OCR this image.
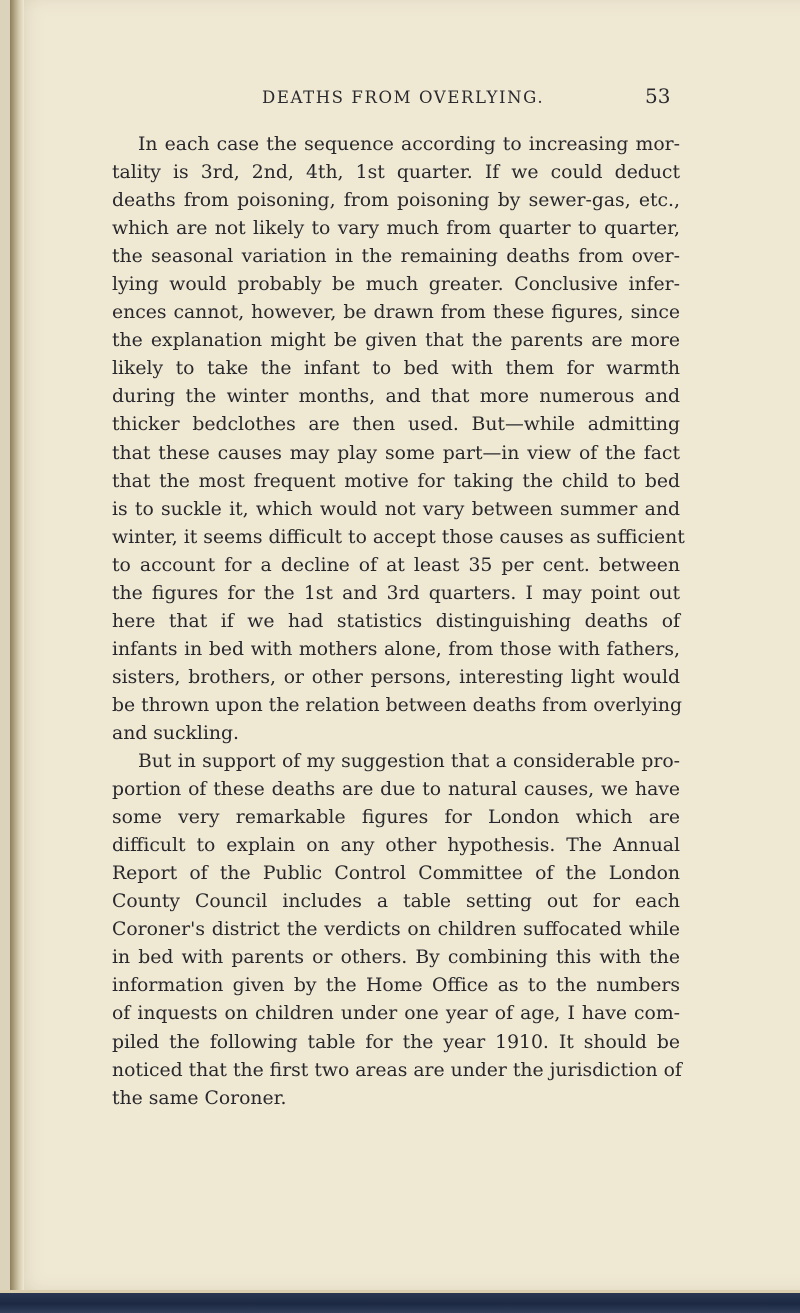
DEATHS FROM OVERLYING.	53
In each case the sequence according to increasing mor-
tality is 3rd, 2nd, 4th, 1st quarter. If we could deduct
deaths from poisoning, from poisoning by sewer-gas, etc.,
which are not likely to vary much from quarter to quarter,
the seasonal variation in the remaining deaths from over-
lying would probably be much greater. Conclusive infer-
ences cannot, however, be drawn from these figures, since
the explanation might be given that the parents are more
likely to take the infant to bed with them for warmth
during the winter months, and that more numerous and
thicker bedclothes are then used. But—while admitting
that these causes may play some part—in view of the fact
that the most frequent motive for taking the child to bed
is to suckle it, which would not vary between summer and
winter, it seems difficult to accept those causes as sufficient
to account for a decline of at least 35 per cent. between
the figures for the 1st and 3rd quarters. I may point out
here that if we had statistics distinguishing deaths of
infants in bed with mothers alone, from those with fathers,
sisters, brothers, or other persons, interesting light would
be thrown upon the relation between deaths from overlying
and suckling.
But in support of my suggestion that a considerable pro-
portion of these deaths are due to natural causes, we have
some very remarkable figures for London which are
difficult to explain on any other hypothesis. The Annual
Report of the Public Control Committee of the London
County Council includes a table setting out for each
Coroner's district the verdicts on children suffocated while
in bed with parents or others. By combining this with the
information given by the Home Office as to the numbers
of inquests on children under one year of age, I have com-
piled the following table for the year 1910. It should be
noticed that the first two areas are under the jurisdiction of
the same Coroner.
